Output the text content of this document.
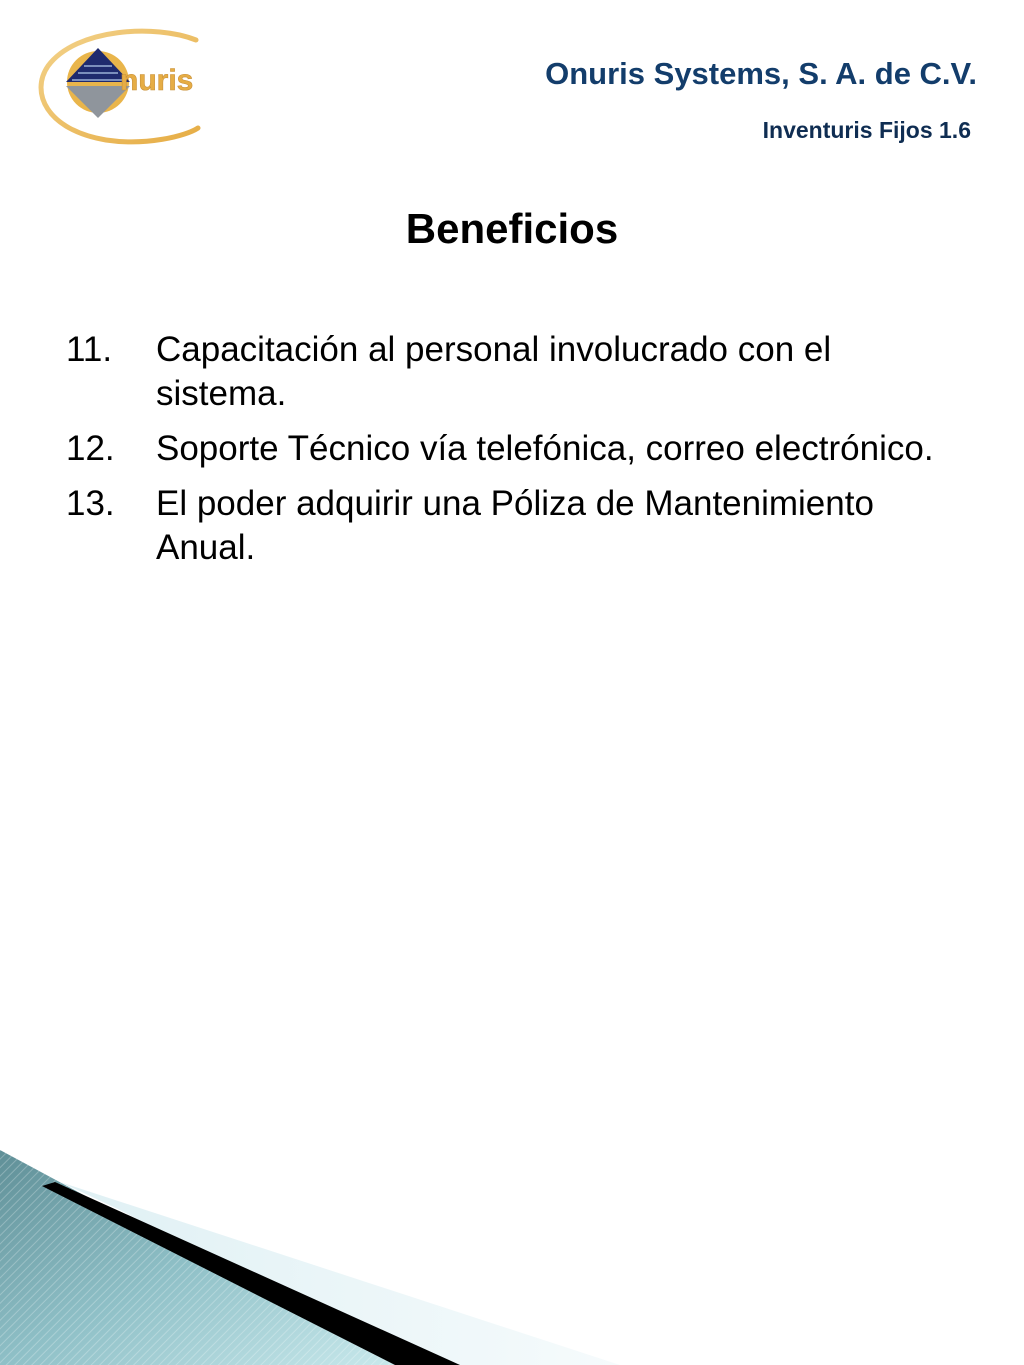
nuris	Onuris Systems, S. A. de C.V.
Inventuris Fijos 1.6
Beneficios
11.	Capacitación al personal involucrado con el sistema.
12.	Soporte Técnico vía telefónica, correo electrónico.
13.	El poder adquirir una Póliza de Mantenimiento Anual.
